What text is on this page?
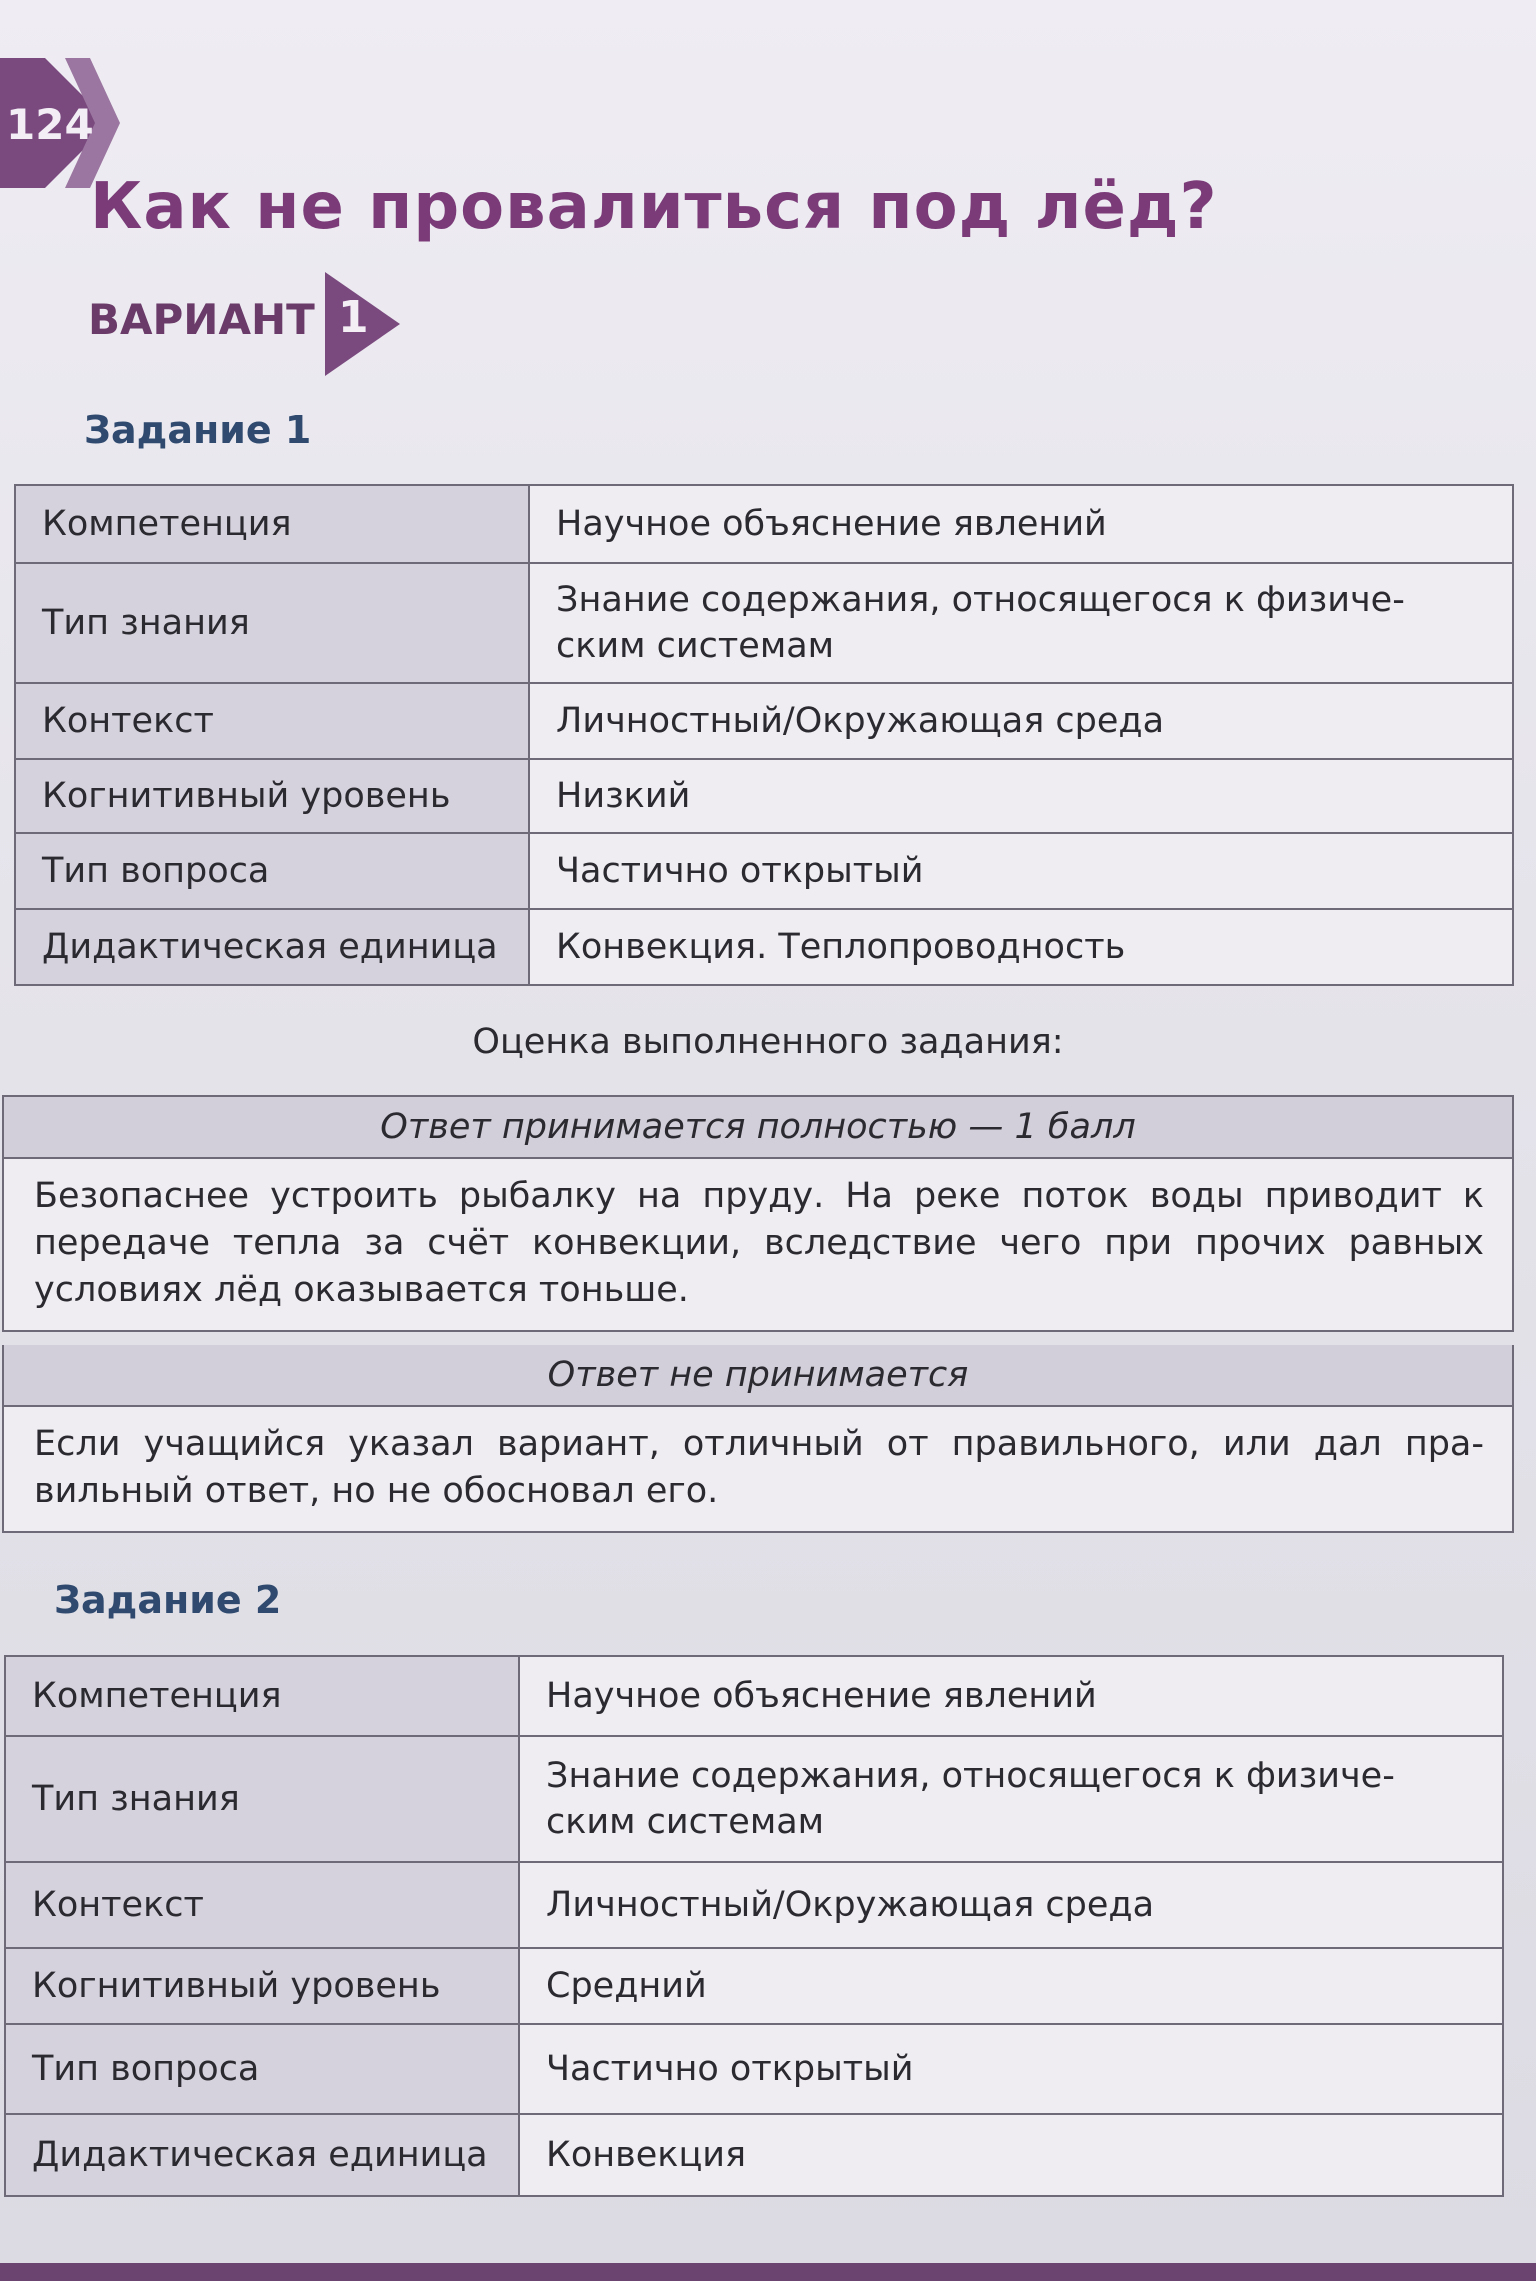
124
Как не провалиться под лёд?
ВАРИАНТ 1
Задание 1
Компетенция	Научное объяснение явлений
Тип знания	Знание содержания, относящегося к физиче- ским системам
Контекст	Личностный/Окружающая среда
Когнитивный уровень	Низкий
Тип вопроса	Частично открытый
Дидактическая единица	Конвекция. Теплопроводность
Оценка выполненного задания:
Ответ принимается полностью — 1 балл
Безопаснее устроить рыбалку на пруду. На реке поток воды приводит к передаче тепла за счёт конвекции, вследствие чего при прочих равных условиях лёд оказывается тоньше.
Ответ не принимается
Если учащийся указал вариант, отличный от правильного, или дал пра- вильный ответ, но не обосновал его.
Задание 2
Компетенция	Научное объяснение явлений
Тип знания	Знание содержания, относящегося к физиче- ским системам
Контекст	Личностный/Окружающая среда
Когнитивный уровень	Средний
Тип вопроса	Частично открытый
Дидактическая единица	Конвекция
